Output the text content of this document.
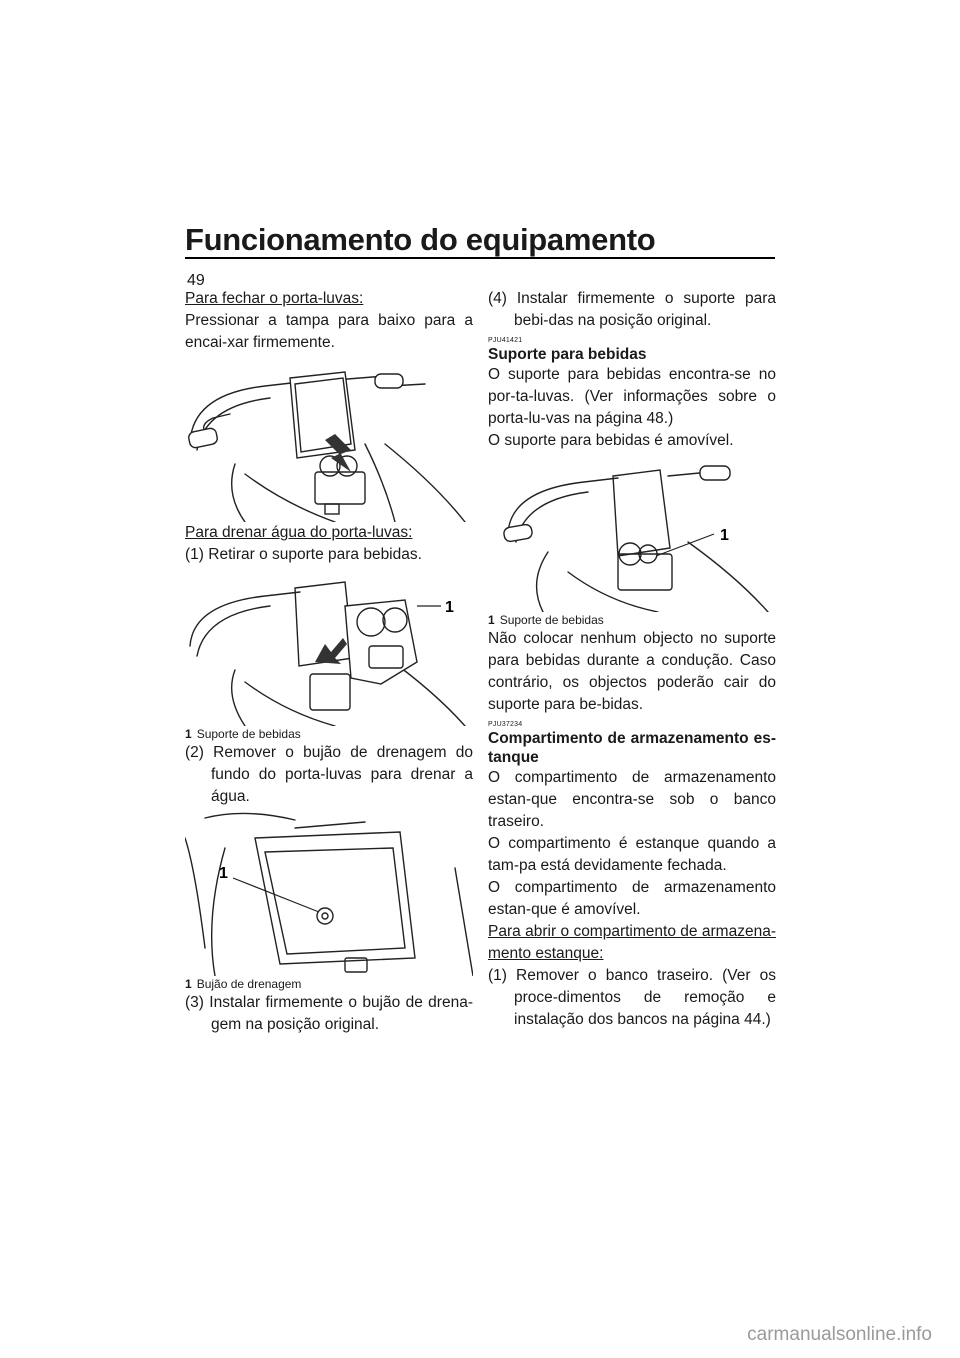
Funcionamento do equipamento
49

Para fechar o porta-luvas:

Pressionar a tampa para baixo para a encai-xar firmemente.

Para drenar água do porta-luvas:

(1) Retirar o suporte para bebidas.

1

1 Suporte de bebidas

(2) Remover o bujão de drenagem do fundo do porta-luvas para drenar a água.

1

1 Bujão de drenagem

(3) Instalar firmemente o bujão de drena-gem na posição original.

(4) Instalar firmemente o suporte para bebi-das na posição original.

PJU41421

Suporte para bebidas

O suporte para bebidas encontra-se no por-ta-luvas. (Ver informações sobre o porta-lu-vas na página 48.)

O suporte para bebidas é amovível.

1

1 Suporte de bebidas

Não colocar nenhum objecto no suporte para bebidas durante a condução. Caso contrário, os objectos poderão cair do suporte para be-bidas.

PJU37234

Compartimento de armazenamento es-tanque

O compartimento de armazenamento estan-que encontra-se sob o banco traseiro.

O compartimento é estanque quando a tam-pa está devidamente fechada.

O compartimento de armazenamento estan-que é amovível.

Para abrir o compartimento de armazena-mento estanque:

(1) Remover o banco traseiro. (Ver os proce-dimentos de remoção e instalação dos bancos na página 44.)

carmanualsonline.info
